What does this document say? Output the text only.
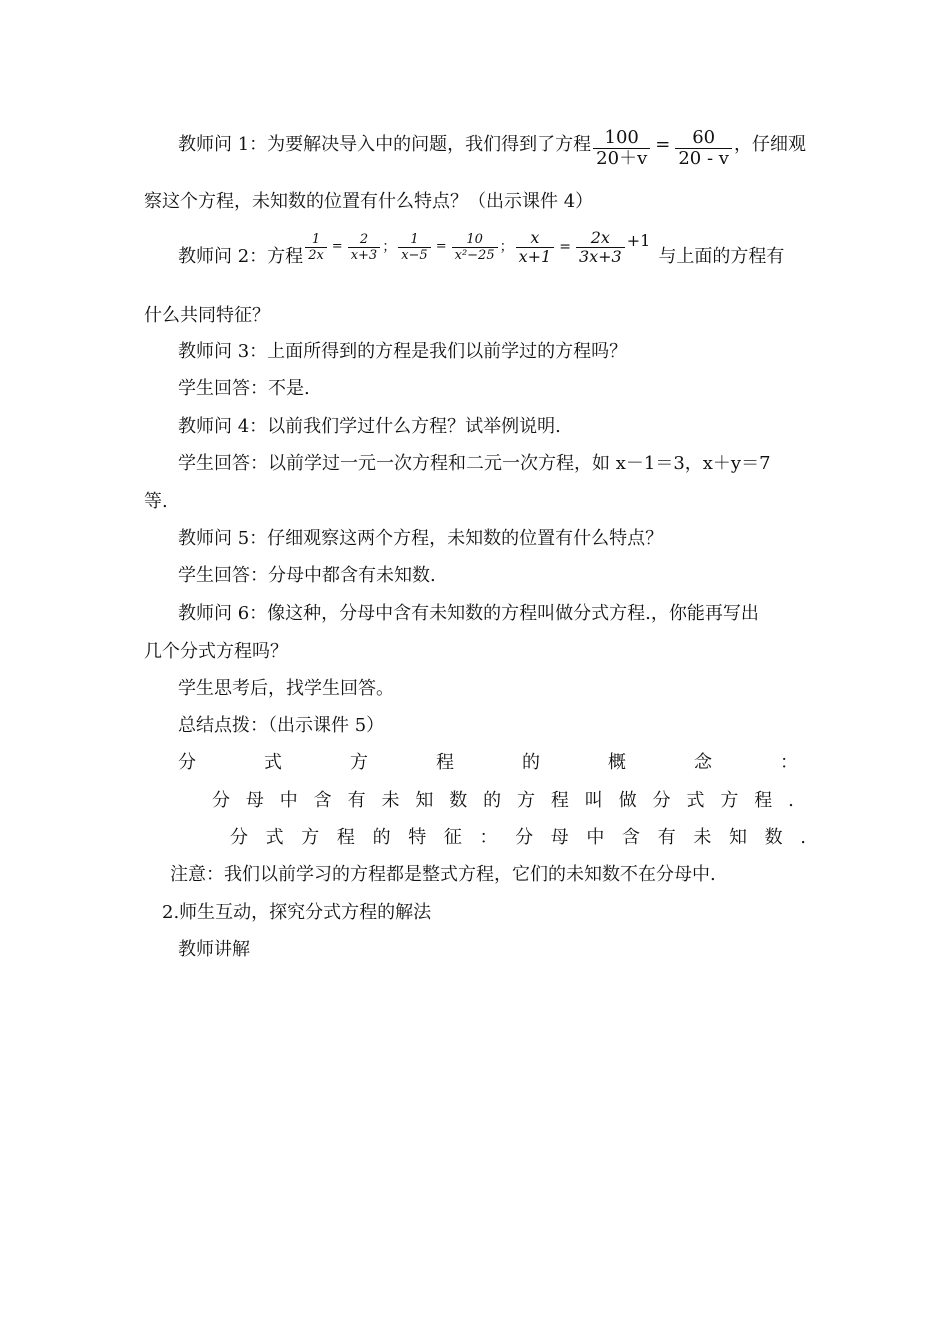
教师问 1：为要解决导入中的问题，我们得到了方程 $\frac{100}{20+v} = \frac{60}{20 - v}$ ，仔细观
察这个方程，未知数的位置有什么特点？（出示课件 4）
教师问 2：方程 $\frac{1}{2x} = \frac{2}{x+3}$ ； $\frac{1}{x-5} = \frac{10}{\text{x²−25}}$ ； $\frac{x}{x+1} = \frac{2x}{3x+3} +1$
与上面的方程有
什么共同特征？
教师问 3：上面所得到的方程是我们以前学过的方程吗？
学生回答：不是.
教师问 4：以前我们学过什么方程？试举例说明.
学生回答：以前学过一元一次方程和二元一次方程，如 x－1＝3，x＋y＝7
等.
教师问 5：仔细观察这两个方程，未知数的位置有什么特点？
学生回答：分母中都含有未知数.
教师问 6：像这种，分母中含有未知数的方程叫做分式方程.，你能再写出
几个分式方程吗？
学生思考后，找学生回答。
总结点拨：（出示课件 5）
分	式	方	程	的	概	念	：
分 母 中 含 有 未 知 数 的 方 程 叫 做 分 式 方 程 .
分 式 方 程 的 特 征 ： 分 母 中 含 有 未 知 数 .
注意：我们以前学习的方程都是整式方程，它们的未知数不在分母中.
2.师生互动，探究分式方程的解法
教师讲解
